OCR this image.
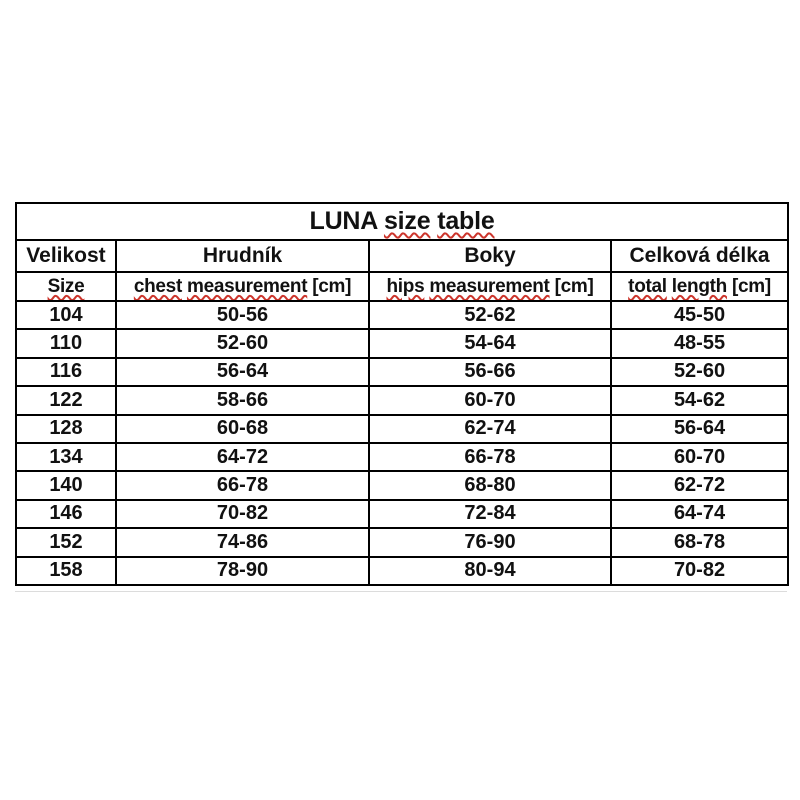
LUNA size table			
Velikost	Hrudník	Boky	Celková délka
Size	chest measurement [cm]	hips measurement [cm]	total length [cm]
104	50-56	52-62	45-50
110	52-60	54-64	48-55
116	56-64	56-66	52-60
122	58-66	60-70	54-62
128	60-68	62-74	56-64
134	64-72	66-78	60-70
140	66-78	68-80	62-72
146	70-82	72-84	64-74
152	74-86	76-90	68-78
158	78-90	80-94	70-82
